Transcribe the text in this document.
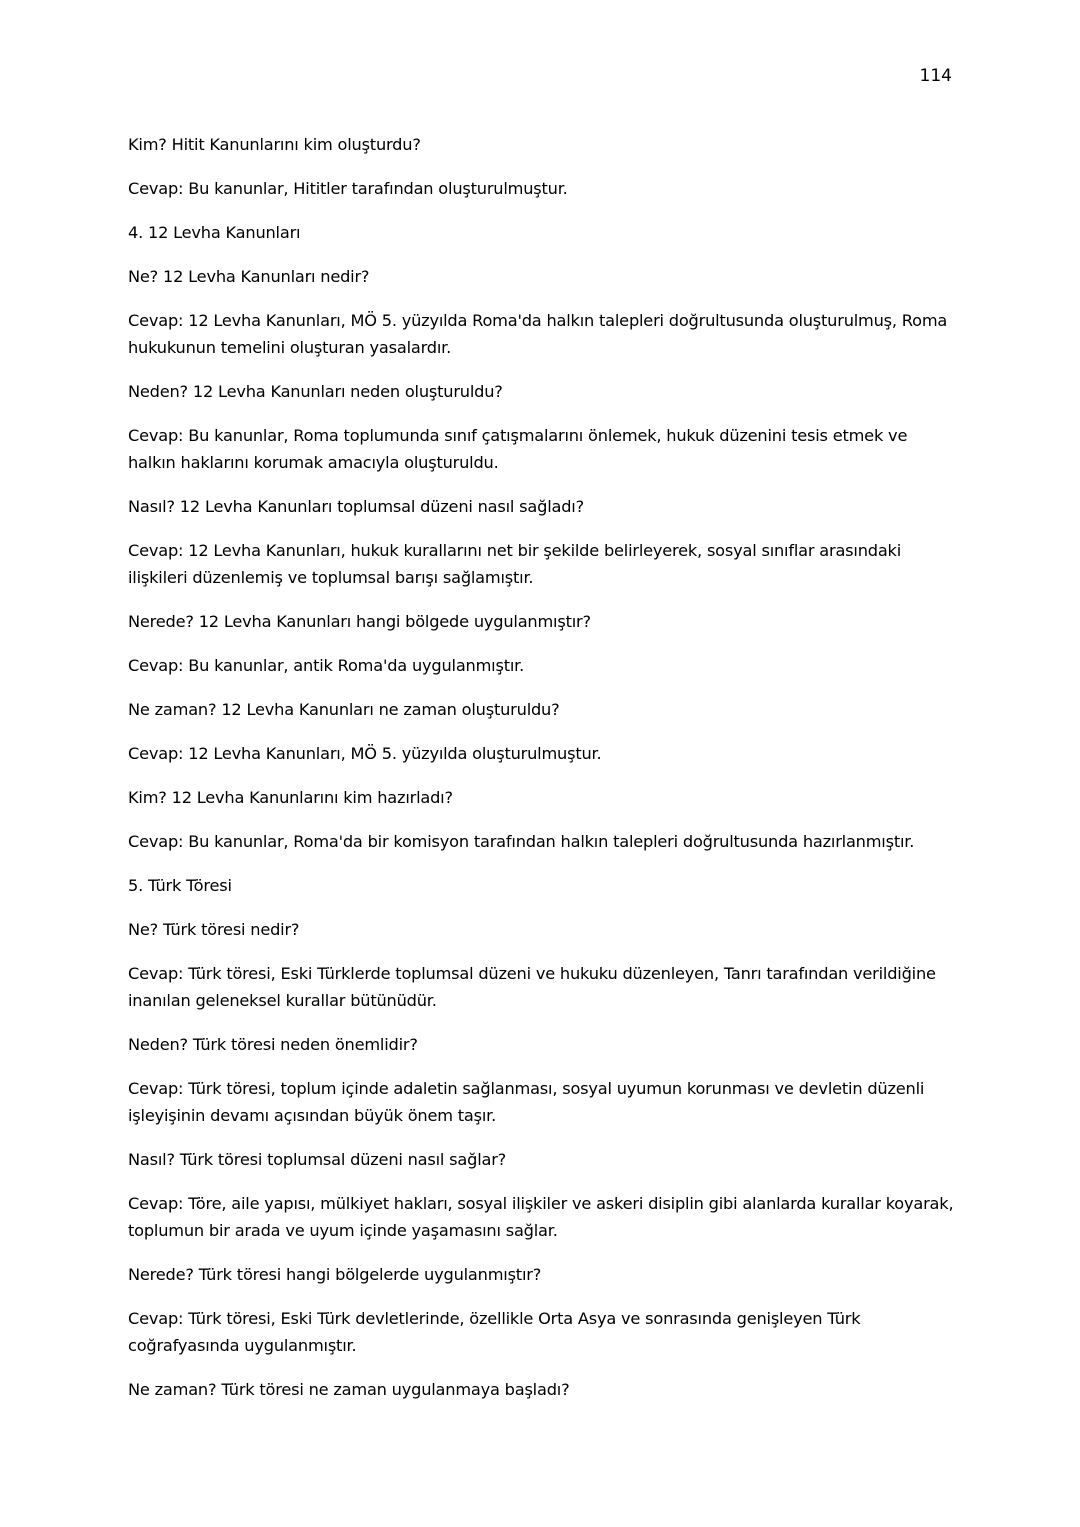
114

Kim? Hitit Kanunlarını kim oluşturdu?

Cevap: Bu kanunlar, Hititler tarafından oluşturulmuştur.

4. 12 Levha Kanunları

Ne? 12 Levha Kanunları nedir?

Cevap: 12 Levha Kanunları, MÖ 5. yüzyılda Roma'da halkın talepleri doğrultusunda oluşturulmuş, Roma hukukunun temelini oluşturan yasalardır.

Neden? 12 Levha Kanunları neden oluşturuldu?

Cevap: Bu kanunlar, Roma toplumunda sınıf çatışmalarını önlemek, hukuk düzenini tesis etmek ve halkın haklarını korumak amacıyla oluşturuldu.

Nasıl? 12 Levha Kanunları toplumsal düzeni nasıl sağladı?

Cevap: 12 Levha Kanunları, hukuk kurallarını net bir şekilde belirleyerek, sosyal sınıflar arasındaki ilişkileri düzenlemiş ve toplumsal barışı sağlamıştır.

Nerede? 12 Levha Kanunları hangi bölgede uygulanmıştır?

Cevap: Bu kanunlar, antik Roma'da uygulanmıştır.

Ne zaman? 12 Levha Kanunları ne zaman oluşturuldu?

Cevap: 12 Levha Kanunları, MÖ 5. yüzyılda oluşturulmuştur.

Kim? 12 Levha Kanunlarını kim hazırladı?

Cevap: Bu kanunlar, Roma'da bir komisyon tarafından halkın talepleri doğrultusunda hazırlanmıştır.

5. Türk Töresi

Ne? Türk töresi nedir?

Cevap: Türk töresi, Eski Türklerde toplumsal düzeni ve hukuku düzenleyen, Tanrı tarafından verildiğine inanılan geleneksel kurallar bütünüdür.

Neden? Türk töresi neden önemlidir?

Cevap: Türk töresi, toplum içinde adaletin sağlanması, sosyal uyumun korunması ve devletin düzenli işleyişinin devamı açısından büyük önem taşır.

Nasıl? Türk töresi toplumsal düzeni nasıl sağlar?

Cevap: Töre, aile yapısı, mülkiyet hakları, sosyal ilişkiler ve askeri disiplin gibi alanlarda kurallar koyarak, toplumun bir arada ve uyum içinde yaşamasını sağlar.

Nerede? Türk töresi hangi bölgelerde uygulanmıştır?

Cevap: Türk töresi, Eski Türk devletlerinde, özellikle Orta Asya ve sonrasında genişleyen Türk coğrafyasında uygulanmıştır.

Ne zaman? Türk töresi ne zaman uygulanmaya başladı?
